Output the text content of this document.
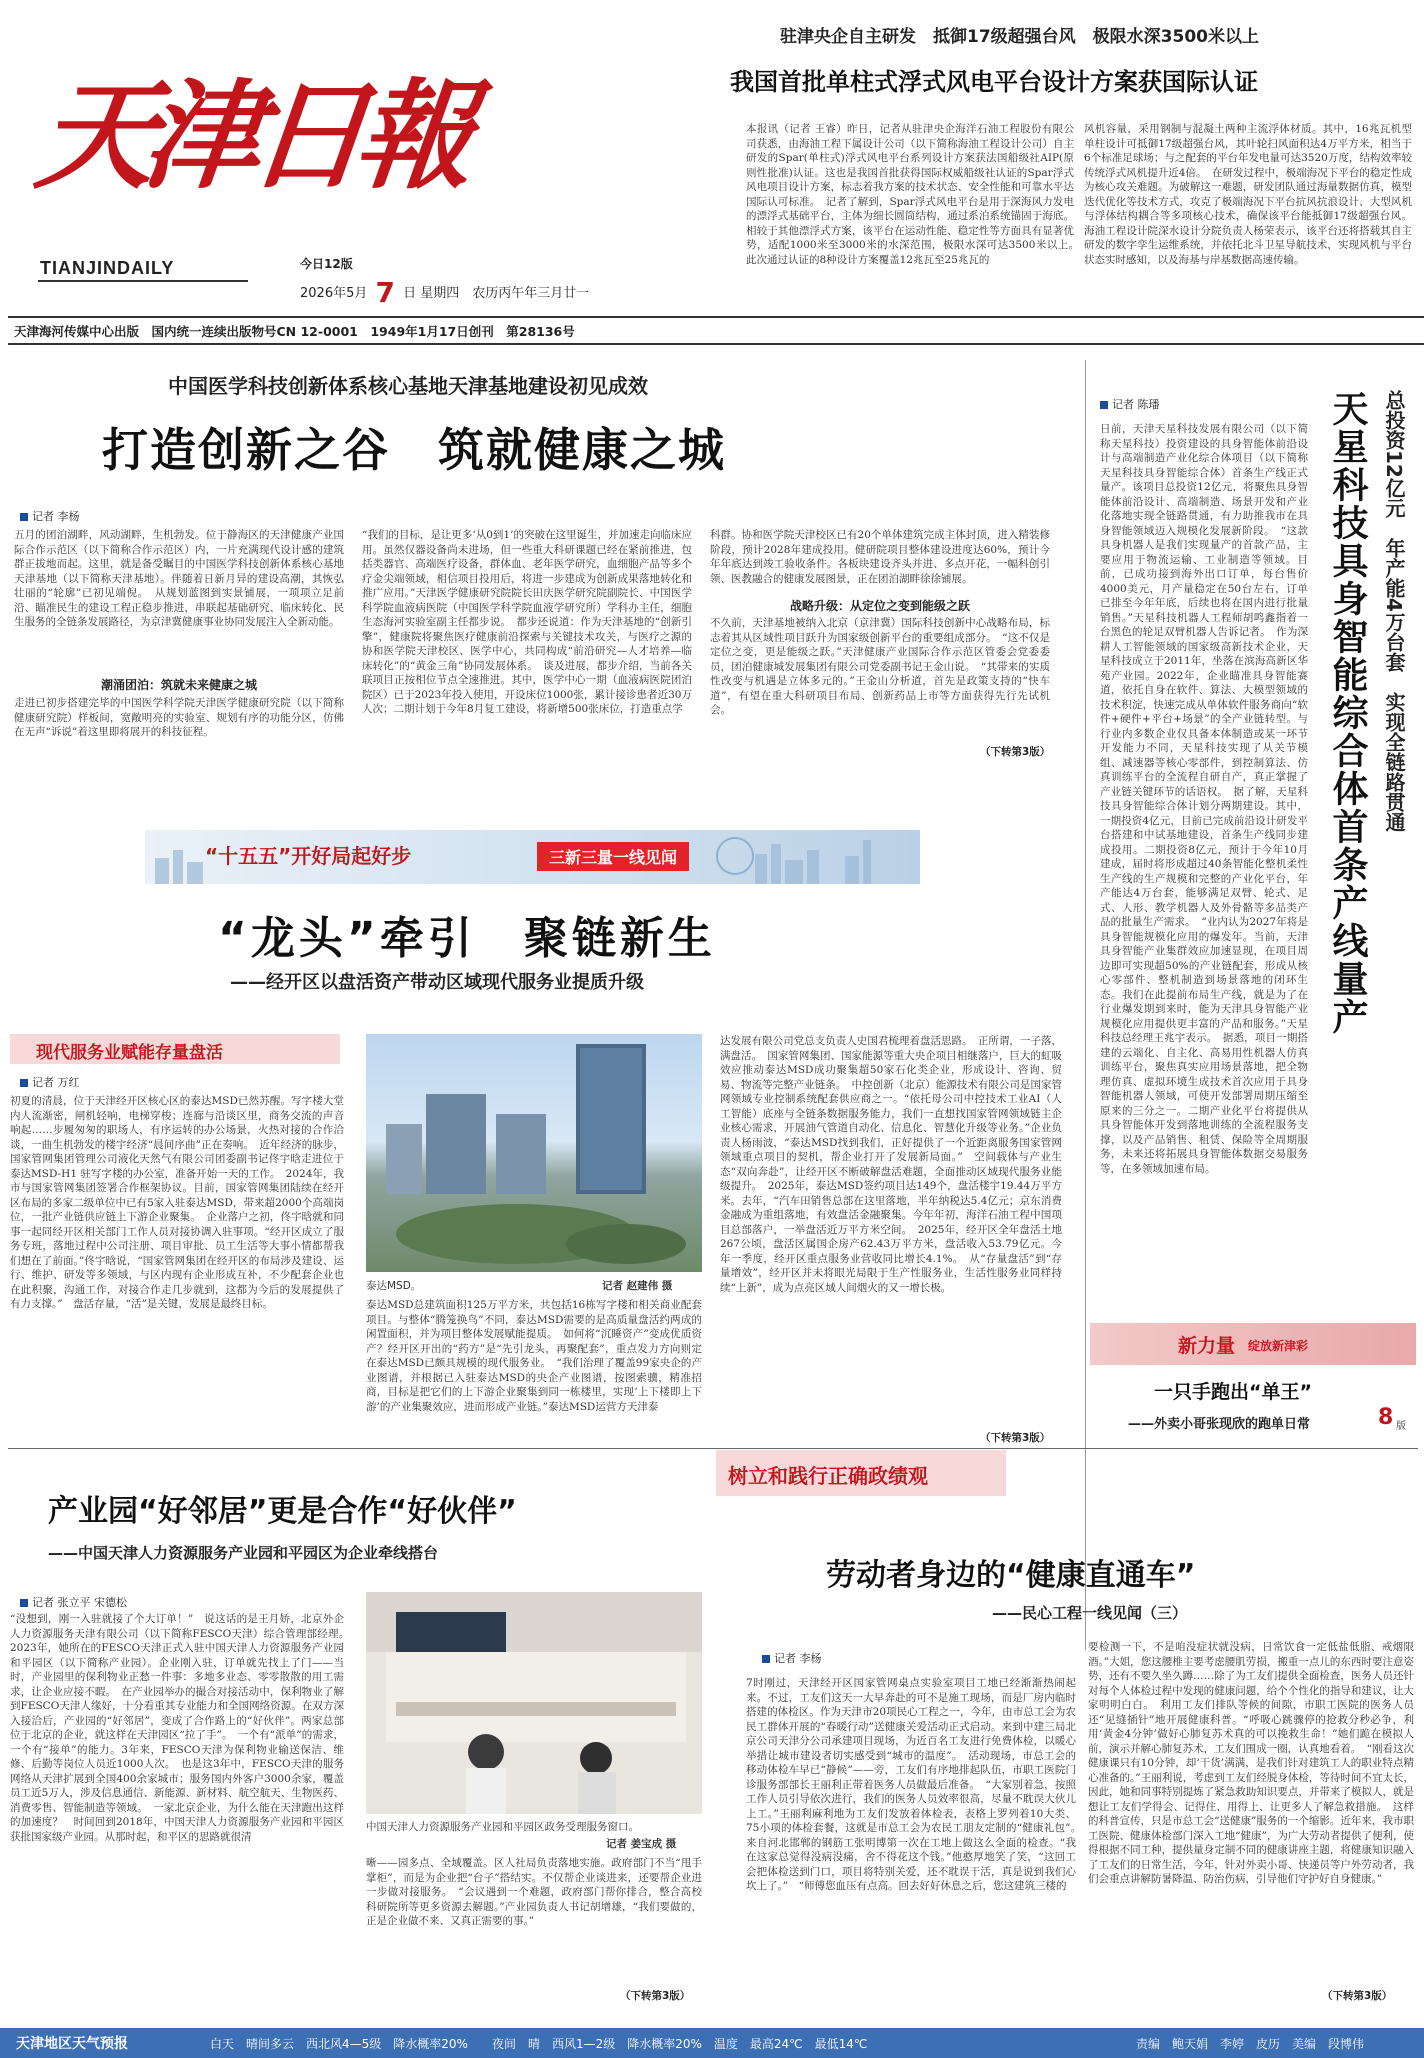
天津日報
TIANJINDAILY	今日12版
2026年5月 7 日 星期四　农历丙午年三月廿一
天津海河传媒中心出版　国内统一连续出版物号CN 12-0001　1949年1月17日创刊　第28136号
驻津央企自主研发　抵御17级超强台风　极限水深3500米以上
我国首批单柱式浮式风电平台设计方案获国际认证
本报讯（记者 王睿）昨日，记者从驻津央企海洋石油工程股份有限公司获悉，由海油工程下属设计公司（以下简称海油工程设计公司）自主研发的Spar(单柱式)浮式风电平台系列设计方案获法国船级社AIP(原则性批准)认证。这也是我国首批获得国际权威船级社认证的Spar浮式风电项目设计方案，标志着我方案的技术状态、安全性能和可靠水平达国际认可标准。　记者了解到，Spar浮式风电平台是用于深海风力发电的漂浮式基础平台，主体为细长圆筒结构，通过系泊系统锚固于海底。相较于其他漂浮式方案，该平台在运动性能、稳定性等方面具有显著优势，适配1000米至3000米的水深范围，极限水深可达3500米以上。　此次通过认证的8种设计方案覆盖12兆瓦至25兆瓦的
风机容量，采用钢制与混凝土两种主流浮体材质。其中，16兆瓦机型单柱设计可抵御17级超强台风，其叶轮扫风面积达4万平方米，相当于6个标准足球场；与之配套的平台年发电量可达3520万度，结构效率较传统浮式风机提升近4倍。　在研发过程中，极端海况下平台的稳定性成为核心攻关难题。为破解这一难题，研发团队通过海量数据仿真，模型迭代优化等技术方式，攻克了极端海况下平台抗风抗浪设计、大型风机与浮体结构耦合等多项核心技术，确保该平台能抵御17级超强台风。海油工程设计院深水设计分院负责人杨荣表示，该平台还将搭载其自主研发的数字孪生运维系统，并依托北斗卫星导航技术，实现风机与平台状态实时感知，以及海基与岸基数据高速传输。
中国医学科技创新体系核心基地天津基地建设初见成效
打造创新之谷　筑就健康之城
记者 李杨
五月的团泊湖畔，风动湖畔，生机勃发。位于静海区的天津健康产业国际合作示范区（以下简称合作示范区）内，一片充满现代设计感的建筑群正拔地而起。这里，就是备受瞩目的中国医学科技创新体系核心基地天津基地（以下简称天津基地）。伴随着日新月异的建设高潮，其恢弘壮丽的“轮廓”已初见端倪。　从规划蓝图到实景铺展，一项项立足前沿、瞄准民生的建设工程正稳步推进，串联起基础研究、临床转化、民生服务的全链条发展路径，为京津冀健康事业协同发展注入全新动能。
潮涌团泊：筑就未来健康之城
走进已初步搭建完毕的中国医学科学院天津医学健康研究院（以下简称健康研究院）样板间，宽敞明亮的实验室、规划有序的功能分区，仿佛在无声“诉说”着这里即将展开的科技征程。
“我们的目标，是让更多‘从0到1’的突破在这里诞生，并加速走向临床应用。虽然仅器设备尚未进场，但一些重大科研课题已经在紧前推进，包括类器官、高端医疗设备，群体血、老年医学研究，血细胞产品等多个疗金尖端领域，相信项目投用后，将进一步建成为创新成果落地转化和推广应用。”天津医学健康研究院院长田庆医学研究院副院长、中国医学科学院血液病医院（中国医学科学院血液学研究所）学科办主任，细胞生态海河实验室副主任都步说。　都步还说道：作为天津基地的“创新引擎”，健康院将聚焦医疗健康前沿探索与关键技术攻关，与医疗之源的协和医学院天津校区、医学中心，共同构成“前沿研究—人才培养—临床转化”的“黄金三角”协同发展体系。　谈及进展，都步介绍，当前各关联项目正按相位节点全速推进。其中，医学中心一期（血液病医院团泊院区）已于2023年投入使用，开设床位1000张，累计接诊患者近30万人次；二期计划于今年8月复工建设，将新增500张床位，打造重点学
科群。协和医学院天津校区已有20个单体建筑完成主体封顶，进入精装修阶段，预计2028年建成投用。健研院项目整体建设进度达60%，预计今年年底达到竣工验收条件。各板块建设齐头并进、多点开花，一幅科创引领、医教融合的健康发展图景，正在团泊湖畔徐徐铺展。
战略升级：从定位之变到能级之跃
不久前，天津基地被纳入北京（京津冀）国际科技创新中心战略布局，标志着其从区域性项目跃升为国家级创新平台的重要组成部分。　“这不仅是定位之变，更是能级之跃。”天津健康产业国际合作示范区管委会党委委员，团泊健康城发展集团有限公司党委副书记王金山说。　“其带来的实质性改变与机遇是立体多元的。”王金山分析道，首先是政策支持的“快车道”，有望在重大科研项目布局、创新药品上市等方面获得先行先试机会。
（下转第3版）
“十五五”开好局起好步	三新三量一线见闻
“龙头”牵引　聚链新生
——经开区以盘活资产带动区域现代服务业提质升级
现代服务业赋能存量盘活
记者 万红
初夏的清晨，位于天津经开区核心区的泰达MSD已然苏醒。写字楼大堂内人流渐密，闸机轻响，电梯穿梭；连廊与沿谈区里，商务交流的声音响起……步履匆匆的职场人，有序运转的办公场景，火热对接的合作洽谈，一曲生机勃发的楼宇经济“晨间序曲”正在奏响。　近年经济的脉步，国家管网集团管理公司液化天然气有限公司团委副书记佟宇晗走进位于泰达MSD-H1 驻写字楼的办公室，准备开始一天的工作。　2024年，我市与国家管网集团签署合作框架协议。目前，国家管网集团陆续在经开区布局的多家二级单位中已有5家入驻泰达MSD，带来超2000个高端岗位，一批产业链供应链上下游企业聚集。　企业落户之初，佟宇晗就和同事一起同经开区相关部门工作人员对接协调入驻事项。“经开区成立了服务专班，落地过程中公司注册、项目审批、员工生活等大事小情都帮我们想在了前面。”佟宇晗说，“国家管网集团在经开区的布局涉及建设、运行、维护、研发等多领域，与区内现有企业形成互补，不少配套企业也在此积聚，沟通工作，对接合作走几步就到，这都为今后的发展提供了有力支撑。”　盘活存量，“活”是关键，发展是最终目标。
泰达MSD。	记者 赵建伟 摄
泰达MSD总建筑面积125万平方米，共包括16栋写字楼和相关商业配套项目。与整体“腾笼换鸟”不同，泰达MSD需要的是高质量盘活约两成的闲置面积，并为项目整体发展赋能提质。　如何将“沉睡资产”变成优质资产？经开区开出的“药方”是“先引龙头，再聚配套”，重点发力方向则定在泰达MSD已颇具规模的现代服务业。　“我们治理了覆盖99家央企的产业图谱，并根据已入驻泰达MSD的央企产业图谱，按图索骥，精准招商，目标是把它们的上下游企业聚集到同一栋楼里，实现‘上下楼即上下游’的产业集聚效应，进而形成产业链。”泰达MSD运营方天津泰
达发展有限公司党总支负责人史国君梳理着盘活思路。　正所谓，一子落，满盘活。　国家管网集团、国家能源等重大央企项目相继落户，巨大的虹吸效应推动泰达MSD成功聚集超50家石化类企业，形成设计、咨询、贸易、物流等完整产业链条。　中控创新（北京）能源技术有限公司是国家管网领域专业控制系统配套供应商之一。“依托母公司中控技术工业AI（人工智能）底座与全链条数据服务能力，我们一直想找国家管网领域链主企业核心需求，开展油气管道自动化、信息化、智慧化升级等业务。”企业负责人杨雨波，“泰达MSD找到我们，正好提供了一个近距离服务国家管网领域重点项目的契机，帮企业打开了发展新局面。”　空间载体与产业生态“双向奔赴”，让经开区不断破解盘活难题，全面推动区域现代服务业能级提升。　2025年，泰达MSD签约项目达149个，盘活楼宇19.44万平方米。去年，“汽车田销售总部在这里落地，半年纳税达5.4亿元；京东消费金融成为重组落地，有效盘活金融聚集。今年年初，海洋石油工程中国项目总部落户，一举盘活近万平方米空间。　2025年，经开区全年盘活土地267公顷，盘活区属国企房产62.43万平方米，盘活收入53.79亿元。今年一季度，经开区重点服务业营收同比增长4.1%。　从“存量盘活”到“存量增效”，经开区并未将眼光局限于生产性服务业，生活性服务业同样持续“上新”，成为点亮区域人间烟火的又一增长极。
（下转第3版）
记者 陈璠	总投资12亿元　年产能4万台套　实现全链路贯通
天星科技具身智能综合体首条产线量产
日前，天津天星科技发展有限公司（以下简称天星科技）投资建设的具身智能体前沿设计与高端制造产业化综合体项目（以下简称天星科技具身智能综合体）首条生产线正式量产。该项目总投资12亿元，将聚焦具身智能体前沿设计、高端制造、场景开发和产业化落地实现全链路贯通，有力助推我市在具身智能领域迈入规模化发展新阶段。　“这款具身机器人是我们实现量产的首款产品，主要应用于物流运输、工业制造等领域。目前，已成功接到海外出口订单，每台售价4000美元，月产量稳定在50台左右，订单已排至今年年底，后续也将在国内进行批量销售。”天星科技机器人工程师胡鸣鑫指着一台黑色的轮足双臂机器人告诉记者。　作为深耕人工智能领域的国家级高新技术企业，天星科技成立于2011年，坐落在滨海高新区华苑产业园。2022年，企业瞄准具身智能赛道，依托自身在软件、算法、大模型领域的技术积淀，快速完成从单体软件服务商向“软件+硬件+平台+场景”的全产业链转型。与行业内多数企业仅具备本体制造或某一环节开发能力不同，天星科技实现了从关节模组、减速器等核心零部件，到控制算法、仿真训练平台的全流程自研自产，真正掌握了产业链关键环节的话语权。　据了解，天星科技具身智能综合体计划分两期建设。其中，一期投资4亿元，目前已完成前沿设计研发平台搭建和中试基地建设，首条生产线同步建成投用。二期投资8亿元，预计于今年10月建成，届时将形成超过40条智能化整机柔性生产线的生产规模和完整的产业化平台，年产能达4万台套，能够满足双臂、轮式、足式、人形、教学机器人及外骨骼等多品类产品的批量生产需求。　“业内认为2027年将是具身智能规模化应用的爆发年。当前，天津具身智能产业集群效应加速显现，在项目周边即可实现超50%的产业链配套，形成从核心零部件、整机制造到场景落地的闭环生态。我们在此提前布局生产线，就是为了在行业爆发期到来时，能为天津具身智能产业规模化应用提供更丰富的产品和服务。”天星科技总经理王兆宇表示。　据悉，项目一期搭建的云端化、自主化、高易用性机器人仿真训练平台，聚焦真实应用场景落地，把全物理仿真、虚拟环境生成技术首次应用于具身智能机器人领域，可使开发部署周期压缩至原来的三分之一。二期产业化平台将提供从具身智能体开发到落地训练的全流程服务支撑，以及产品销售、租赁、保险等全周期服务，未来还将拓展具身智能体数据交易服务等，在多领域加速布局。
新力量 绽放新津彩
一只手跑出“单王”
——外卖小哥张现欣的跑单日常	8 版
产业园“好邻居”更是合作“好伙伴”
——中国天津人力资源服务产业园和平园区为企业牵线搭台
记者 张立平 宋德松
“没想到，刚一入驻就接了个大订单！”　说这话的是王月娇，北京外企人力资源服务天津有限公司（以下简称FESCO天津）综合管理部经理。　2023年，她所在的FESCO天津正式入驻中国天津人力资源服务产业园和平园区（以下简称产业园）。企业刚入驻，订单就先找上了门——当时，产业园里的保利物业正愁一件事：多地多业态、零零散散的用工需求，让企业应接不暇。　在产业园举办的撮合对接活动中，保利物业了解到FESCO天津人缘好，十分看重其专业能力和全国网络资源。在双方深入接洽后，产业园的“好邻居”，变成了合作路上的“好伙伴”。两家总部位于北京的企业，就这样在天津园区“拉了手”。　一个有“派单”的需求，一个有“接单”的能力。3年来，FESCO天津为保利物业输送保洁、维修、后勤等岗位人员近1000人次。　也是这3年中，FESCO天津的服务网络从天津扩展到全国400余家城市；服务国内外客户3000余家，覆盖员工近5万人，涉及信息通信、新能源、新材料、航空航天、生物医药、消费零售、智能制造等领域。　一家北京企业，为什么能在天津跑出这样的加速度？　时间回到2018年，中国天津人力资源服务产业园和平园区获批国家级产业园。从那时起，和平区的思路就很清
中国天津人力资源服务产业园和平园区政务受理服务窗口。
记者 姜宝成 摄
晰——园多点、全域覆盖。区人社局负责落地实施。政府部门不当“甩手掌柜”，而是为企业把“台子”搭结实。不仅帮企业谈进来，还要帮企业进一步做对接服务。　“会议遇到一个难题，政府部门帮你排合，整合高校科研院所等更多资源去解题。”产业园负责人书记胡增雄，“我们要做的，正是企业做不来、又真正需要的事。”
（下转第3版）
树立和践行正确政绩观
劳动者身边的“健康直通车”
——民心工程一线见闻（三）
记者 李杨
7时刚过，天津经开区国家管网桌点实验室项目工地已经渐渐热闹起来。不过，工友们这天一大早奔赴的可不是施工现场，而是厂房内临时搭建的体检区。作为天津市20项民心工程之一，今年，由市总工会为农民工群体开展的“春暖行动”送健康关爱活动正式启动。来到中建三局北京公司天津分公司承建项目现场，为近百名工友进行免费体检，以暖心举措让城市建设者切实感受到“城市的温度”。　活动现场，市总工会的移动体检车早已“静候”——旁，工友们有序地排起队伍，市职工医院门诊服务部部长王丽利正带着医务人员做最后准备。　“大家别着急，按照工作人员引导依次进行，我们的医务人员效率很高，尽量不耽误大伙儿上工。”王丽利麻利地为工友们发放着体检表，表格上罗列着10大类、75小项的体检套餐，这就是市总工会为农民工朋友定制的“健康礼包”。　来自河北邯郸的钢筋工张明博第一次在工地上做这么全面的检查。“我在这家总觉得没病没痛，舍不得花这个钱。”他憨厚地笑了笑，“这回工会把体检送到门口，项目将特别关爱，还不耽误干活，真是说到我们心坎上了。”　“师傅您血压有点高。回去好好休息之后，您这建筑三楼的
要检测一下，不是咱没症状就没病，日常饮食一定低盐低脂、戒烟限酒。”大姐，您这腰椎主要考虑腰肌劳损，搬重一点儿的东西时要注意姿势，还有不要久坐久蹲……除了为工友们提供全面检查，医务人员还针对每个人体检过程中发现的健康问题，给个个性化的指导和建议，让大家明明白白。　利用工友们排队等候的间隙，市职工医院的医务人员还“见缝插针”地开展健康科普。“呼吸心跳骤停的抢救分秒必争，利用‘黄金4分钟’做好心肺复苏术真的可以挽救生命！”她们跪在模拟人前，演示并解心肺复苏术，工友们围成一圈，认真地看着。　“刚看这次健康课只有10分钟，却‘干货’满满，是我们针对建筑工人的职业特点精心准备的。”王丽利说，考虑到工友们经脱身体检，等待时间不宜太长，因此，她和同事特别提炼了紧急救助知识要点，并带来了模拟人，就是想让工友们学得会、记得住、用得上、让更多人了解急救措施。　这样的科普宣传，只是市总工会“送健康”服务的一个缩影。近年来，我市职工医院、健康体检部门深入工地“健康”，为广大劳动者提供了便利，使得根据不同工种，提供量身定制不同的健康讲座主题，将健康知识融入了工友们的日常生活，今年，针对外卖小哥、快递员等户外劳动者，我们会重点讲解防暑降温、防治伤病，引导他们守护好自身健康。”
（下转第3版）
天津地区天气预报	白天　晴间多云　西北风4—5级　降水概率20%　　夜间　晴　西风1—2级　降水概率20%　温度　最高24℃　最低14℃	责编　鲍天娟　李婷　皮历　美编　段博伟
